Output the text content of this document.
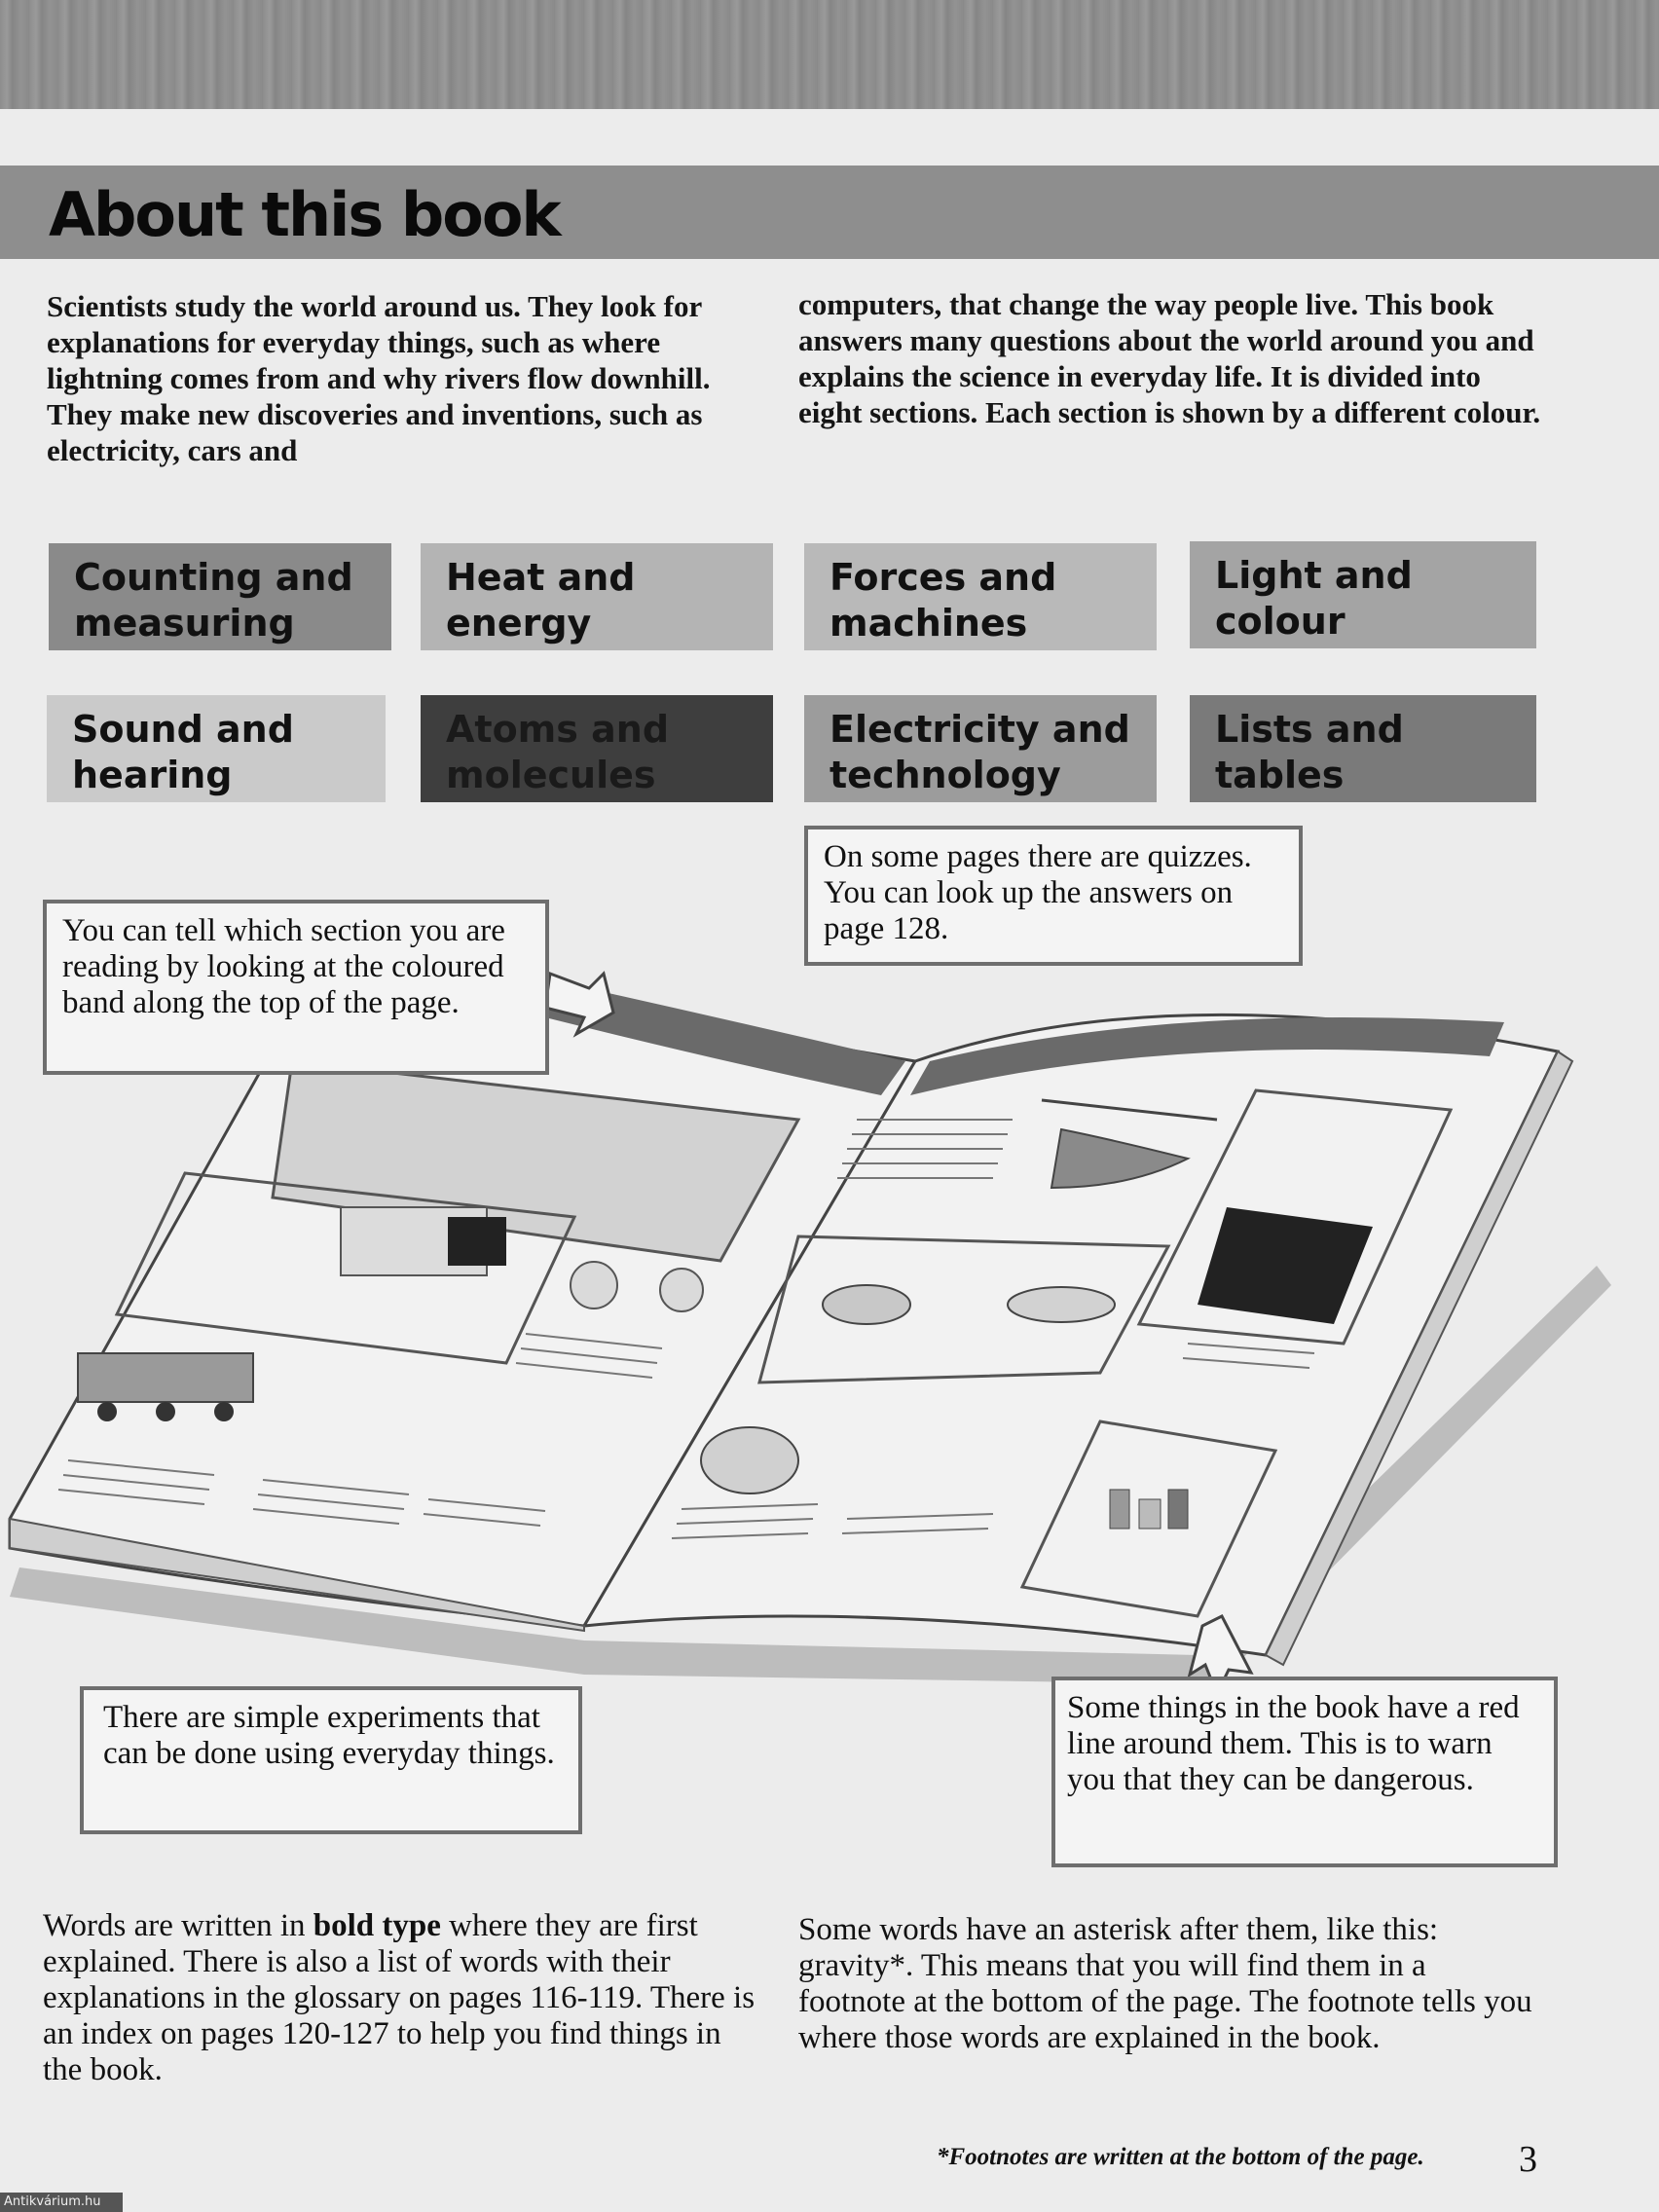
About this book
Scientists study the world around us. They look for explanations for everyday things, such as where lightning comes from and why rivers flow downhill. They make new discoveries and inventions, such as electricity, cars and
computers, that change the way people live. This book answers many questions about the world around you and explains the science in everyday life. It is divided into eight sections. Each section is shown by a different colour.
Counting and measuring
Heat and energy
Forces and machines
Light and colour
Sound and hearing
Atoms and molecules
Electricity and technology
Lists and tables
On some pages there are quizzes. You can look up the answers on page 128.
You can tell which section you are reading by looking at the coloured band along the top of the page.
There are simple experiments that can be done using everyday things.
Some things in the book have a red line around them. This is to warn you that they can be dangerous.
Words are written in bold type where they are first explained. There is also a list of words with their explanations in the glossary on pages 116-119. There is an index on pages 120-127 to help you find things in the book.
Some words have an asterisk after them, like this: gravity*. This means that you will find them in a footnote at the bottom of the page. The footnote tells you where those words are explained in the book.
*Footnotes are written at the bottom of the page.	3
Antikvárium.hu
